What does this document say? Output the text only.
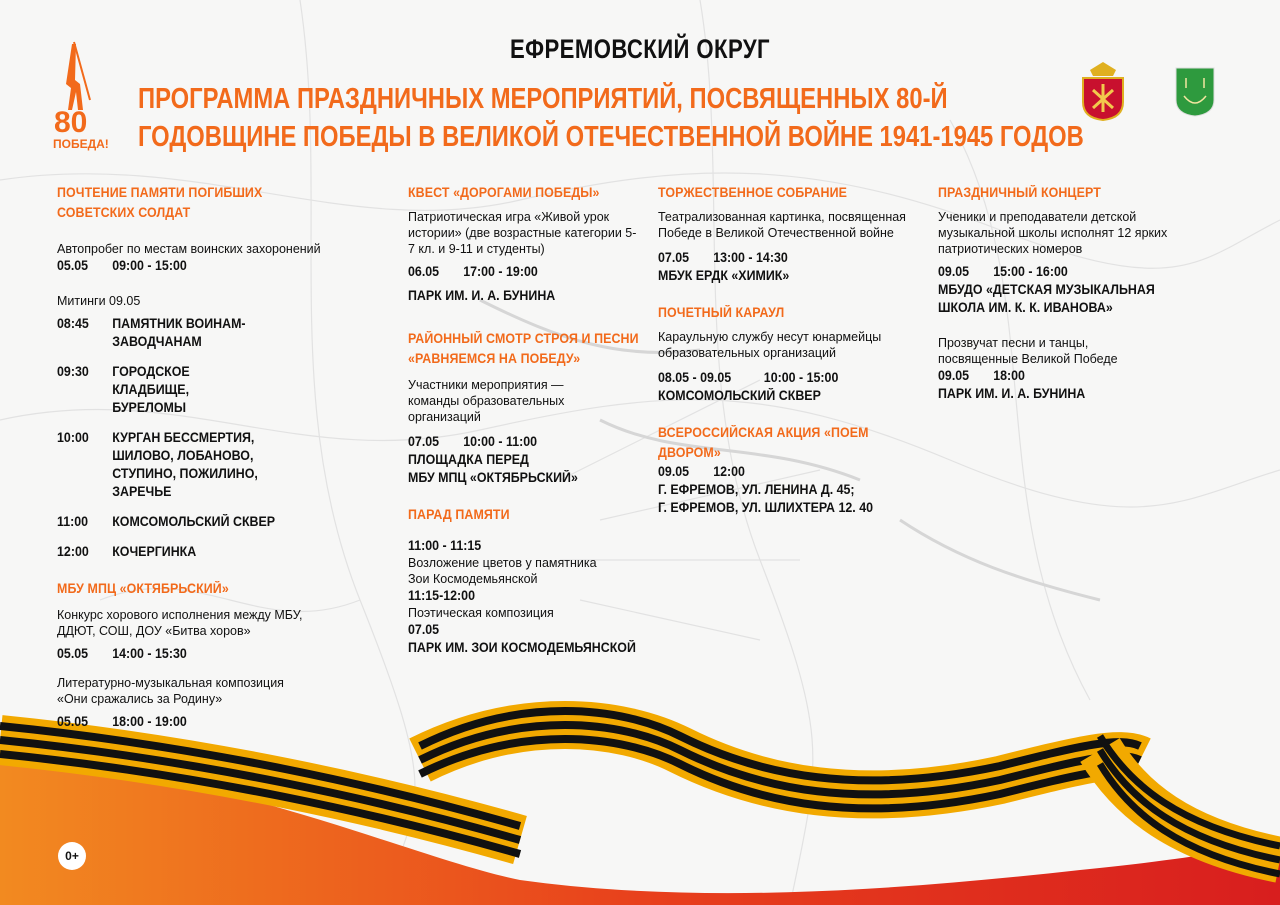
80
ПОБЕДА!
ЕФРЕМОВСКИЙ ОКРУГ
ПРОГРАММА ПРАЗДНИЧНЫХ МЕРОПРИЯТИЙ, ПОСВЯЩЕННЫХ 80-Й
ГОДОВЩИНЕ ПОБЕДЫ В ВЕЛИКОЙ ОТЕЧЕСТВЕННОЙ ВОЙНЕ 1941-1945 ГОДОВ
ПОЧТЕНИЕ ПАМЯТИ ПОГИБШИХ
СОВЕТСКИХ СОЛДАТ
Автопробег по местам воинских захоронений
05.05	09:00 - 15:00
Митинги 09.05
08:45	ПАМЯТНИК ВОИНАМ-ЗАВОДЧАНАМ
09:30	ГОРОДСКОЕ КЛАДБИЩЕ, БУРЕЛОМЫ
10:00	КУРГАН БЕССМЕРТИЯ, ШИЛОВО, ЛОБАНОВО, СТУПИНО, ПОЖИЛИНО, ЗАРЕЧЬЕ
11:00	КОМСОМОЛЬСКИЙ СКВЕР
12:00	КОЧЕРГИНКА
МБУ МПЦ «ОКТЯБРЬСКИЙ»
Конкурс хорового исполнения между МБУ, ДДЮТ, СОШ, ДОУ «Битва хоров»
05.05	14:00 - 15:30
Литературно-музыкальная композиция «Они сражались за Родину»
05.05	18:00 - 19:00
КВЕСТ «ДОРОГАМИ ПОБЕДЫ»
Патриотическая игра «Живой урок истории» (две возрастные категории 5-7 кл. и 9-11 и студенты)
06.05	17:00 - 19:00
ПАРК ИМ. И. А. БУНИНА
РАЙОННЫЙ СМОТР СТРОЯ И ПЕСНИ
«РАВНЯЕМСЯ НА ПОБЕДУ»
Участники мероприятия — команды образовательных организаций
07.05	10:00 - 11:00
ПЛОЩАДКА ПЕРЕД
МБУ МПЦ «ОКТЯБРЬСКИЙ»
ПАРАД ПАМЯТИ
11:00 - 11:15
Возложение цветов у памятника Зои Космодемьянской
11:15-12:00
Поэтическая композиция
07.05
ПАРК ИМ. ЗОИ КОСМОДЕМЬЯНСКОЙ
ТОРЖЕСТВЕННОЕ СОБРАНИЕ
Театрализованная картинка, посвященная Победе в Великой Отечественной войне
07.05	13:00 - 14:30
МБУК ЕРДК «ХИМИК»
ПОЧЕТНЫЙ КАРАУЛ
Караульную службу несут юнармейцы образовательных организаций
08.05 - 09.05	10:00 - 15:00
КОМСОМОЛЬСКИЙ СКВЕР
ВСЕРОССИЙСКАЯ АКЦИЯ «ПОЕМ ДВОРОМ»
09.05	12:00
Г. ЕФРЕМОВ, УЛ. ЛЕНИНА Д. 45;
Г. ЕФРЕМОВ, УЛ. ШЛИХТЕРА 12. 40
ПРАЗДНИЧНЫЙ КОНЦЕРТ
Ученики и преподаватели детской музыкальной школы исполнят 12 ярких патриотических номеров
09.05	15:00 - 16:00
МБУДО «ДЕТСКАЯ МУЗЫКАЛЬНАЯ
ШКОЛА ИМ. К. К. ИВАНОВА»
Прозвучат песни и танцы, посвященные Великой Победе
09.05	18:00
ПАРК ИМ. И. А. БУНИНА
0+
